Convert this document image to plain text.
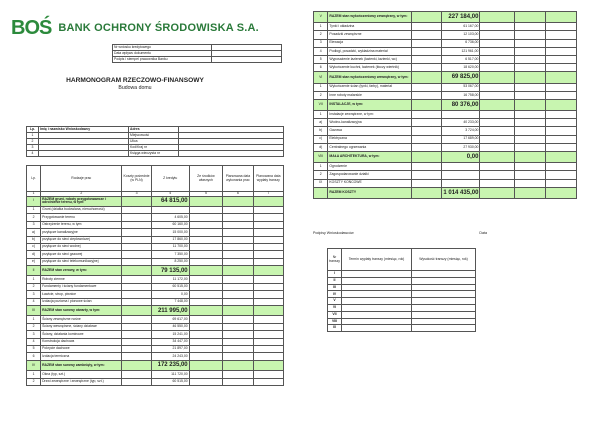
BOŚ BANK OCHRONY ŚRODOWISKA S.A.
Nr wniosku kredytowego	
Data wpływu dokumentu	
Podpis i stempel pracownika Banku	
HARMONOGRAM RZECZOWO-FINANSOWY
Budowa domu
Lp.	Imię i nazwisko Wnioskodawcy	Adres	
1		Miejscowość	
2		Ulica	
3		Kod/Kraj nr	
4		Księga wieczysta nr	
Lp.	Rodzaje prac	Koszty pośrednie (w PLN)	Z kredytu	Ze środków własnych	Planowana data wykonania prac	Planowana data wypłaty transzy
1	2	3	4	5	6	7
I	RAZEM grunt, roboty przygotowawcze i odrolnienie terenu, w tym:		64 815,00			
1	Grunt (działka budowlana, nieruchomość)					
2	Przygotowanie terenu		4 605,00			
3	Ostrzyżenie terenu, w tym:		60 160,00			
a)	przyłącze kanalizacyjne		15 000,00			
b)	przyłącze do sieci ciepłowniczej		17 860,00			
c)	przyłącze do sieci wodnej		11 700,00			
d)	przyłącze do sieci gazowej		7 350,00			
e)	przyłącze do sieci telekomunikacyjnej		8 250,00			
II	RAZEM stan zerowy, w tym:		79 135,00			
1	Roboty ziemne		11 172,00			
2	Fundamenty i ściany fundamentowe		60 515,00			
3	Ławicie, strop, piwnice		0,00			
4	Izolacja pozioma i pionowe ścian		7 448,00			
III	RAZEM stan surowy otwarty, w tym:		211 995,00			
1	Ściany zewnętrzne nośne		69 617,00			
2	Ściany wewnętrzne, ściany działowe		46 550,00			
3	Ściany, działania kominowe		15 241,00			
4	Konstrukcja dachowa		34 447,00			
5	Pokrycie dachowe		21 897,00			
6	Izolacja termiczna		24 243,00			
IV	RAZEM stan surowy zamknięty, w tym:		172 235,00			
1	Okna (typ, szt.)		111 720,00			
2	Drzwi zewnętrzne i zewnętrzne (typ, szt.)		60 515,00			
V	RAZEM stan wykończeniowy zewnętrzny, w tym:		227 184,00			
1	Tynki i okładzina		61 167,00			
2	Posadzki zewnętrzne		12 103,00			
3	Elewacja		6 736,00			
4	Podłogi, posadzki, wykładzina materiał		121 961,00			
5	Wyposażenie łazienek (łazienki, łazienki, wc)		6 517,00			
6	Wykończenie kuchni, łazienek (tłoczy wiertnik)		18 620,00			
VI	RAZEM stan wykończeniowy wewnętrzny, w tym:		69 825,00			
1	Wykończenie ścian (tynki, farby), materiał		53 067,00			
2	Inne roboty malarskie		16 758,00			
VII	INSTALACJE, w tym:		80 376,00			
1	Instalacje zewnętrzne, w tym:					
a)	Wodno-kanalizacyjna		40 233,00			
b)	Gazowa		3 724,00			
c)	Elektryczna		17 689,00			
d)	Centralnego ogrzewania		27 930,00			
VIII	MAŁA ARCHITEKTURA, w tym:		0,00			
1	Ogrodzenie					
2	Zagospodarowanie działki					
IX	KOSZTY KOŃCOWE					
	RAZEM KOSZTY		1 014 435,00			
Podpisy Wnioskodawców	Data
Nr transzy	Termin wypłaty transzy (miesiąc, rok)	Wysokość transzy (miesiąc, rok)
I		
II		
III		
IV		
V		
VI		
VII		
VIII		
IX		
